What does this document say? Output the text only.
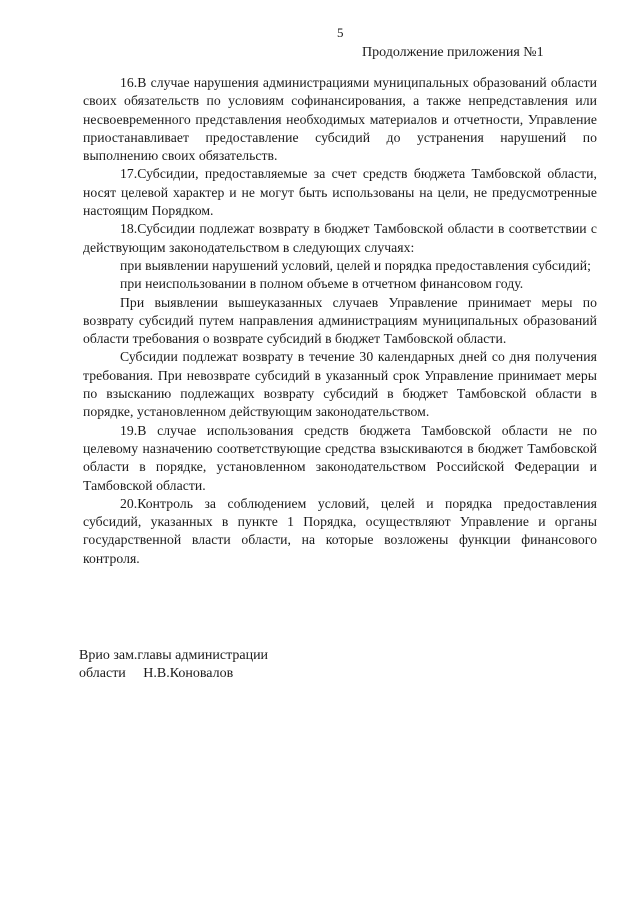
5
Продолжение приложения №1

16.В случае нарушения администрациями муниципальных образований области своих обязательств по условиям софинансирования, а также непредставления или несвоевременного представления необходимых материалов и отчетности, Управление приостанавливает предоставление субсидий до устранения нарушений по выполнению своих обязательств.

17.Субсидии, предоставляемые за счет средств бюджета Тамбовской области, носят целевой характер и не могут быть использованы на цели, не предусмотренные настоящим Порядком.

18.Субсидии подлежат возврату в бюджет Тамбовской области в соответствии с действующим законодательством в следующих случаях:

при выявлении нарушений условий, целей и порядка предоставления субсидий;

при неиспользовании в полном объеме в отчетном финансовом году.

При выявлении вышеуказанных случаев Управление принимает меры по возврату субсидий путем направления администрациям муниципальных образований области требования о возврате субсидий в бюджет Тамбовской области.

Субсидии подлежат возврату в течение 30 календарных дней со дня получения требования. При невозврате субсидий в указанный срок Управление принимает меры по взысканию подлежащих возврату субсидий в бюджет Тамбовской области в порядке, установленном действующим законодательством.

19.В случае использования средств бюджета Тамбовской области не по целевому назначению соответствующие средства взыскиваются в бюджет Тамбовской области в порядке, установленном законодательством Российской Федерации и Тамбовской области.

20.Контроль за соблюдением условий, целей и порядка предоставления субсидий, указанных в пункте 1 Порядка, осуществляют Управление и органы государственной власти области, на которые возложены функции финансового контроля.

Врио зам.главы администрации
области     Н.В.Коновалов
